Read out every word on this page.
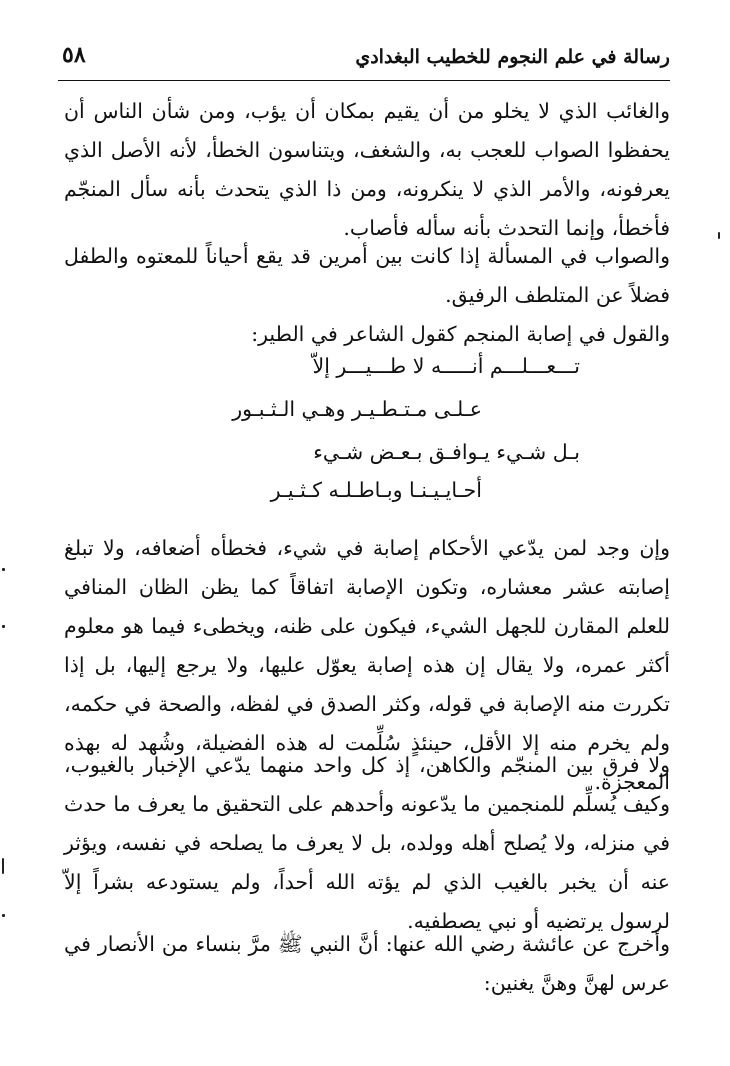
رسالة في علم النجوم للخطيب البغدادي
٥٨

والغائب الذي لا يخلو من أن يقيم بمكان أن يؤب، ومن شأن الناس أن يحفظوا الصواب للعجب به، والشغف، ويتناسون الخطأ، لأنه الأصل الذي يعرفونه، والأمر الذي لا ينكرونه، ومن ذا الذي يتحدث بأنه سأل المنجّم فأخطأ، وإنما التحدث بأنه سأله فأصاب.

والصواب في المسألة إذا كانت بين أمرين قد يقع أحياناً للمعتوه والطفل فضلاً عن المتلطف الرفيق.

والقول في إصابة المنجم كقول الشاعر في الطير:

تـــعـــلـــم أنـــــه لا طـــيـــر إلاّ
عـلـى مـتـطـيـر وهـي الـثـبـور
بـل شـيء يـوافـق بـعـض شـيء
أحـايـيـنـا وبـاطـلـه كـثـيـر

وإن وجد لمن يدّعي الأحكام إصابة في شيء، فخطأه أضعافه، ولا تبلغ إصابته عشر معشاره، وتكون الإصابة اتفاقاً كما يظن الظان المنافي للعلم المقارن للجهل الشيء، فيكون على ظنه، ويخطىء فيما هو معلوم أكثر عمره، ولا يقال إن هذه إصابة يعوّل عليها، ولا يرجع إليها، بل إذا تكررت منه الإصابة في قوله، وكثر الصدق في لفظه، والصحة في حكمه، ولم يخرم منه إلا الأقل، حينئذٍ سُلِّمت له هذه الفضيلة، وشُهد له بهذه المعجزة.

ولا فرق بين المنجّم والكاهن، إذ كل واحد منهما يدّعي الإخبار بالغيوب، وكيف يُسلِّم للمنجمين ما يدّعونه وأحدهم على التحقيق ما يعرف ما حدث في منزله، ولا يُصلح أهله وولده، بل لا يعرف ما يصلحه في نفسه، ويؤثر عنه أن يخبر بالغيب الذي لم يؤته الله أحداً، ولم يستودعه بشراً إلاّ لرسول يرتضيه أو نبي يصطفيه.

وأخرج عن عائشة رضي الله عنها: أنَّ النبي ﷺ مرَّ بنساء من الأنصار في عرس لهنَّ وهنَّ يغنين:
